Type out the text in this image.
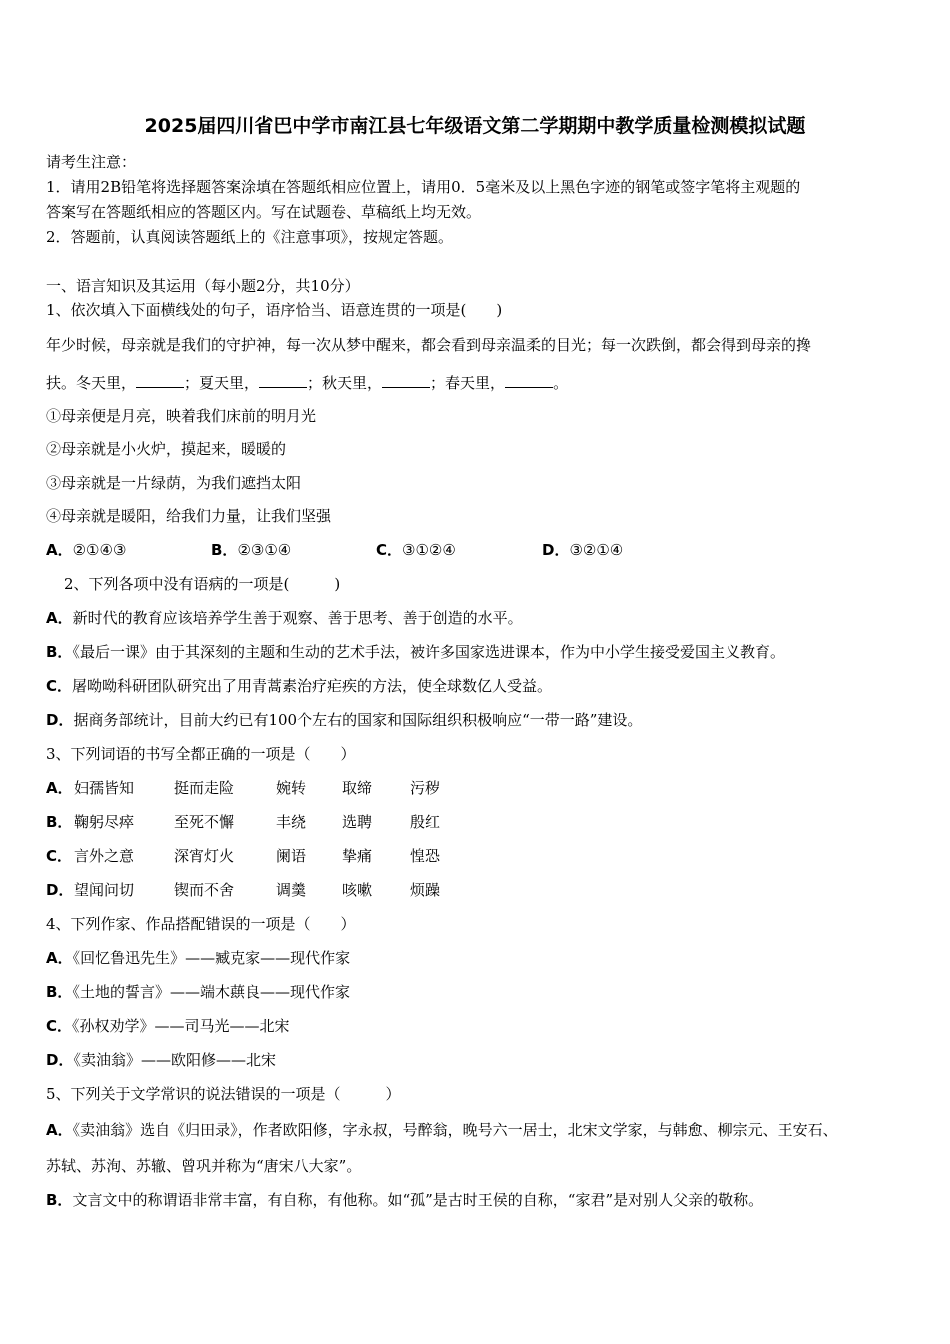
2025届四川省巴中学市南江县七年级语文第二学期期中教学质量检测模拟试题
请考生注意：
1．请用2B铅笔将选择题答案涂填在答题纸相应位置上，请用0．5毫米及以上黑色字迹的钢笔或签字笔将主观题的
答案写在答题纸相应的答题区内。写在试题卷、草稿纸上均无效。
2．答题前，认真阅读答题纸上的《注意事项》，按规定答题。
一、语言知识及其运用（每小题2分，共10分）
1、依次填入下面横线处的句子，语序恰当、语意连贯的一项是(　　)
年少时候，母亲就是我们的守护神，每一次从梦中醒来，都会看到母亲温柔的目光；每一次跌倒，都会得到母亲的搀
扶。冬天里，	；夏天里，	；秋天里，	；春天里，	。
①母亲便是月亮，映着我们床前的明月光
②母亲就是小火炉，摸起来，暖暖的
③母亲就是一片绿荫，为我们遮挡太阳
④母亲就是暖阳，给我们力量，让我们坚强
A．②①④③	B．②③①④	C．③①②④	D．③②①④
2、下列各项中没有语病的一项是(　　　)
A．新时代的教育应该培养学生善于观察、善于思考、善于创造的水平。
B．《最后一课》由于其深刻的主题和生动的艺术手法，被许多国家选进课本，作为中小学生接受爱国主义教育。
C．屠呦呦科研团队研究出了用青蒿素治疗疟疾的方法，使全球数亿人受益。
D．据商务部统计，目前大约已有100个左右的国家和国际组织积极响应“一带一路”建设。
3、下列词语的书写全都正确的一项是（　　）
A． 妇孺皆知	挺而走险	婉转 取缔	污秽
B． 鞠躬尽瘁	至死不懈	丰绕 选聘	殷红
C． 言外之意	深宵灯火	阑语 挚痛	惶恐
D． 望闻问切	锲而不舍	调羹 咳嗽	烦躁
4、下列作家、作品搭配错误的一项是（　　）
A．《回忆鲁迅先生》——臧克家——现代作家
B．《土地的誓言》——端木蕻良——现代作家
C．《孙权劝学》——司马光——北宋
D．《卖油翁》——欧阳修——北宋
5、下列关于文学常识的说法错误的一项是（　　　）
A．《卖油翁》选自《归田录》，作者欧阳修，字永叔，号醉翁，晚号六一居士，北宋文学家，与韩愈、柳宗元、王安石、
苏轼、苏洵、苏辙、曾巩并称为“唐宋八大家”。
B．文言文中的称谓语非常丰富，有自称，有他称。如“孤”是古时王侯的自称，“家君”是对别人父亲的敬称。
